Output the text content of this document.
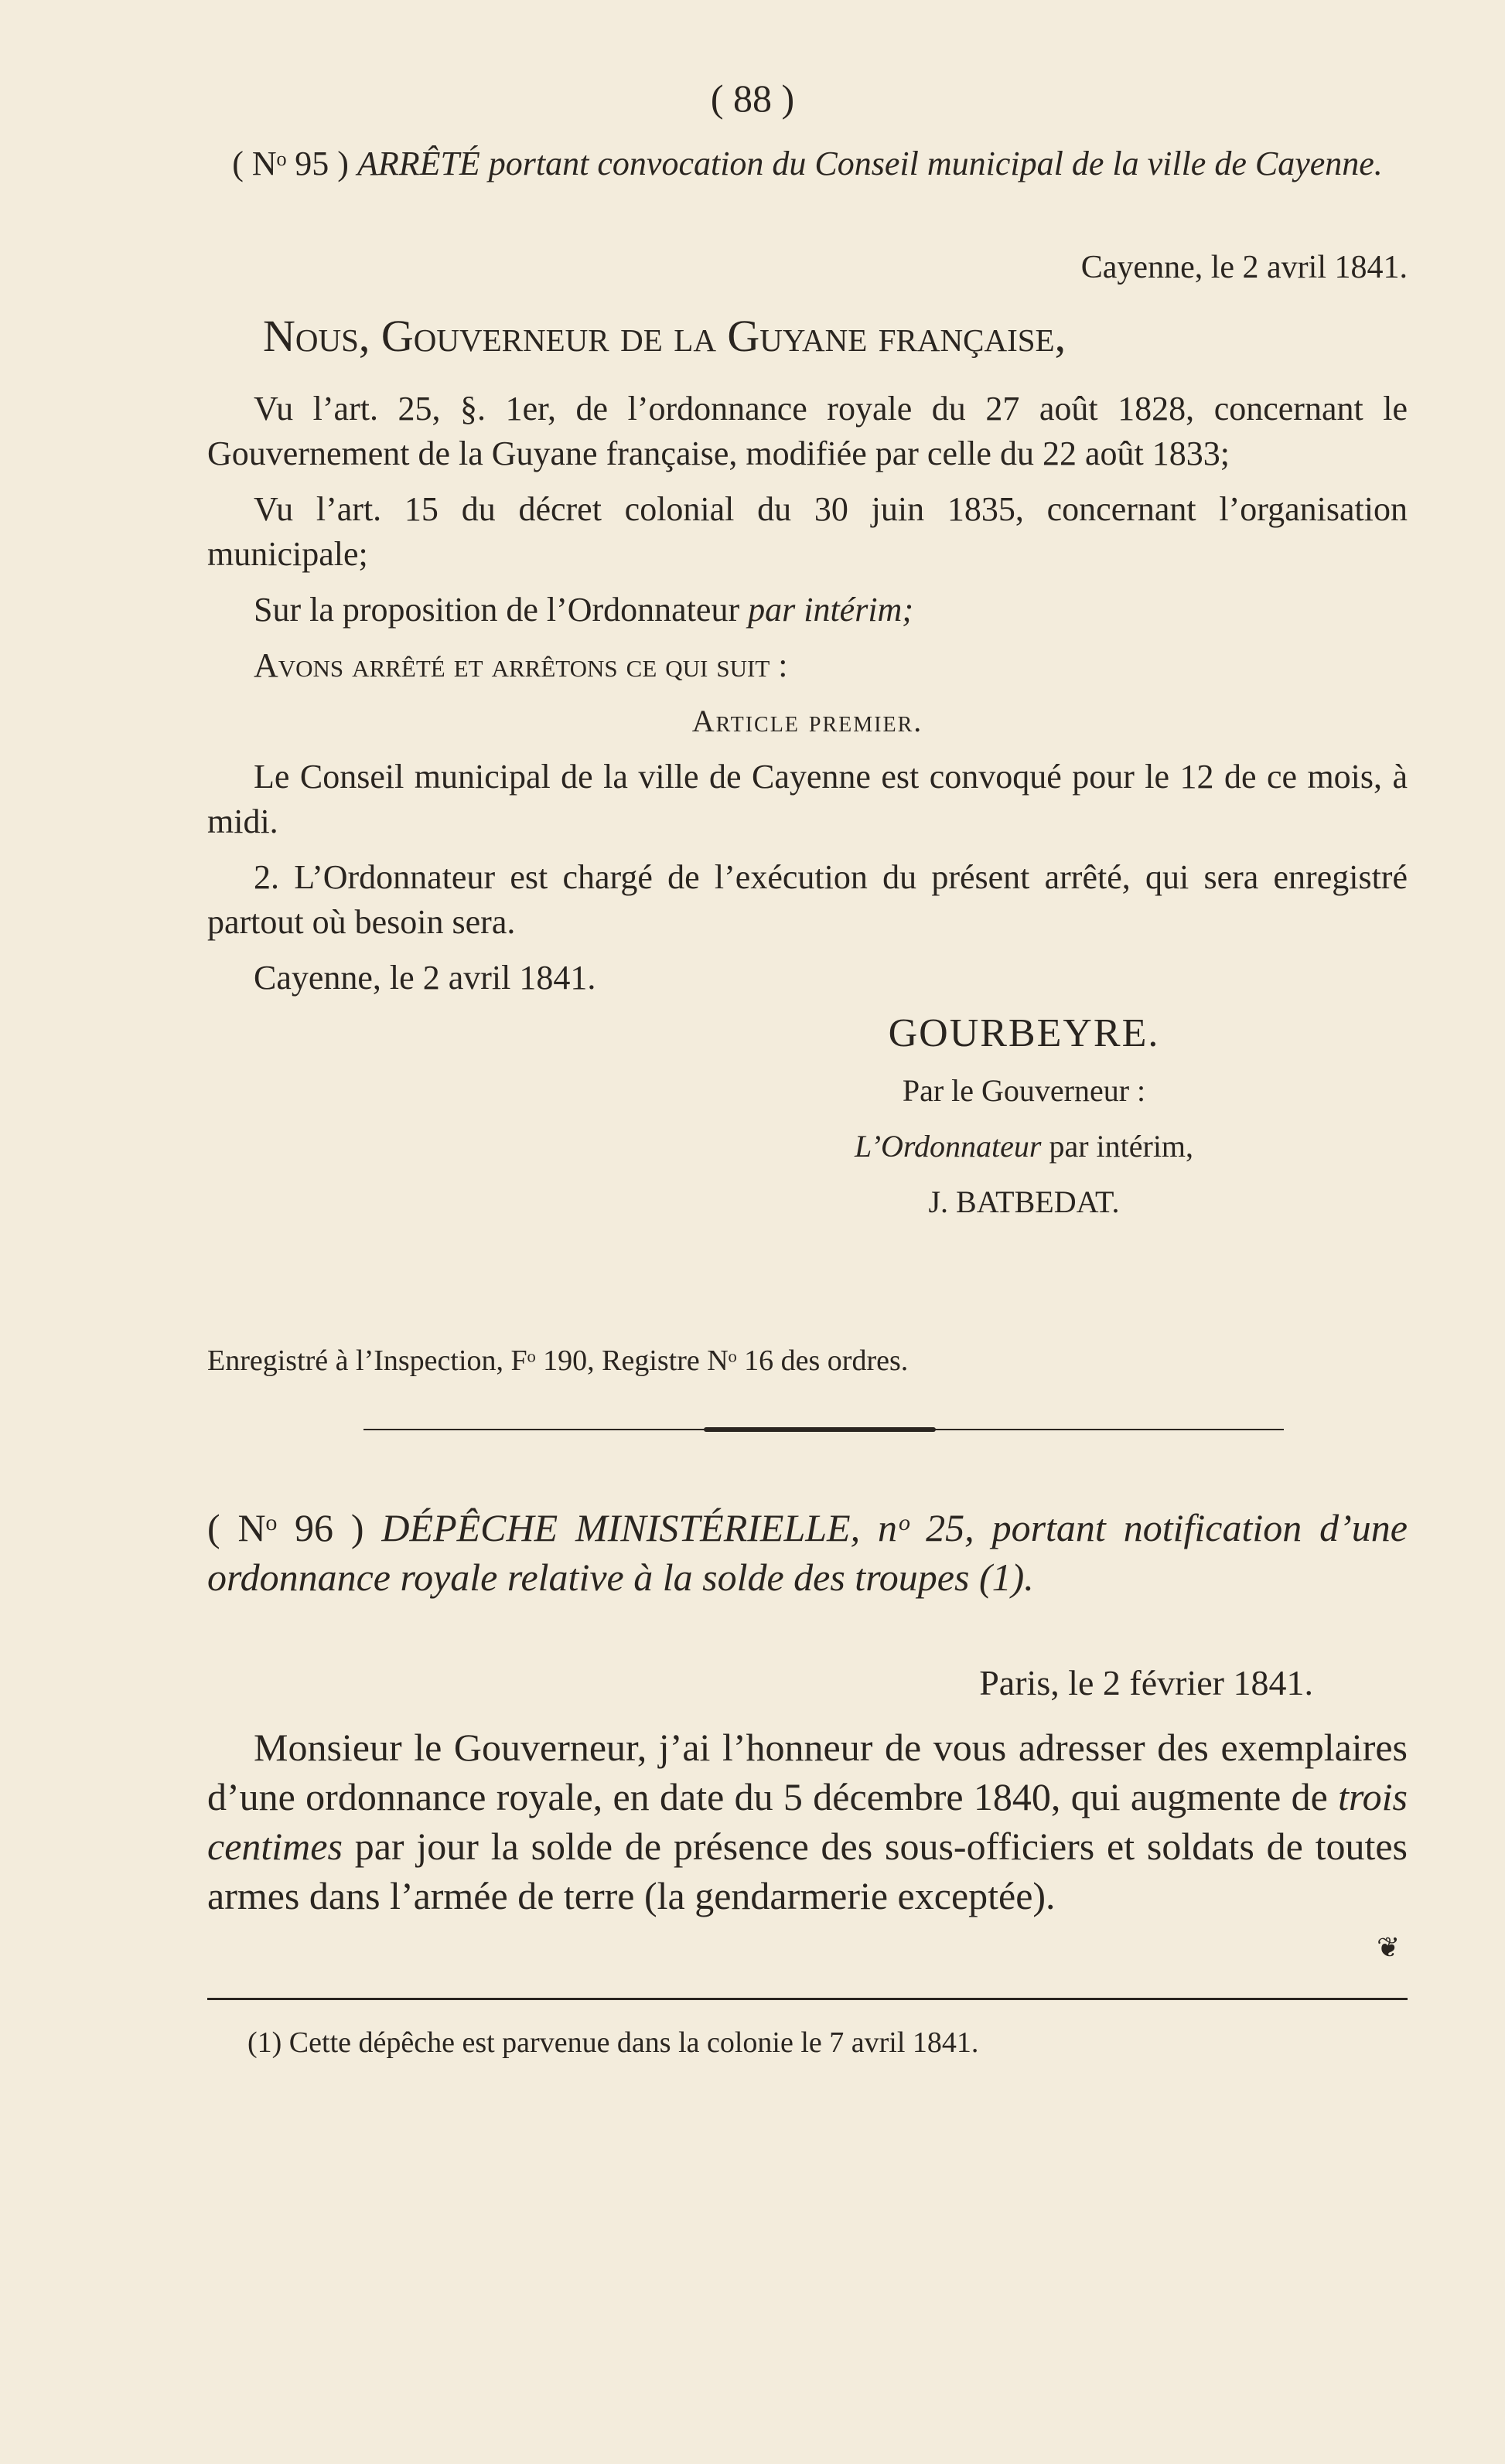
( 88 )
( Nᵒ 95 ) ARRÊTÉ portant convocation du Conseil municipal de la ville de Cayenne.
Cayenne, le 2 avril 1841.
Nous, Gouverneur de la Guyane française,

Vu l’art. 25, §. 1er, de l’ordonnance royale du 27 août 1828, concernant le Gouvernement de la Guyane française, modifiée par celle du 22 août 1833;

Vu l’art. 15 du décret colonial du 30 juin 1835, concernant l’organisation municipale;

Sur la proposition de l’Ordonnateur par intérim;

Avons arrêté et arrêtons ce qui suit :

Article premier.

Le Conseil municipal de la ville de Cayenne est convoqué pour le 12 de ce mois, à midi.

2. L’Ordonnateur est chargé de l’exécution du présent arrêté, qui sera enregistré partout où besoin sera.

Cayenne, le 2 avril 1841.

GOURBEYRE.

Par le Gouverneur :

L’Ordonnateur par intérim,

J. BATBEDAT.

Enregistré à l’Inspection, Fᵒ 190, Registre Nᵒ 16 des ordres.
( Nᵒ 96 ) DÉPÊCHE MINISTÉRIELLE, nᵒ 25, portant notification d’une ordonnance royale relative à la solde des troupes (1).
Paris, le 2 février 1841.
Monsieur le Gouverneur, j’ai l’honneur de vous adresser des exemplaires d’une ordonnance royale, en date du 5 décembre 1840, qui augmente de trois centimes par jour la solde de présence des sous-officiers et soldats de toutes armes dans l’armée de terre (la gendarmerie exceptée).
❦
(1) Cette dépêche est parvenue dans la colonie le 7 avril 1841.
